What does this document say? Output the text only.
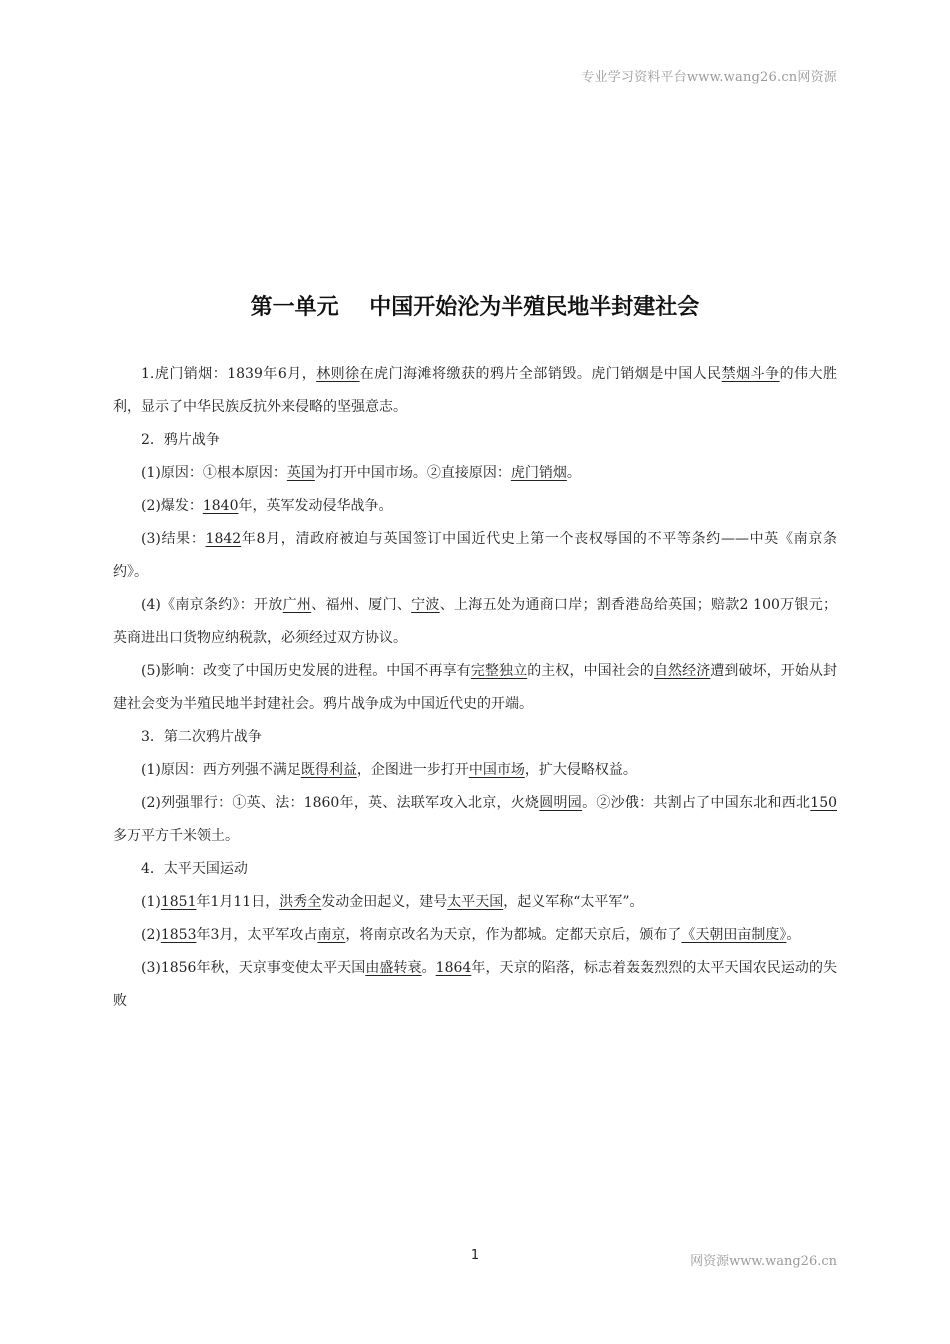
专业学习资料平台www.wang26.cn网资源
第一单元    中国开始沦为半殖民地半封建社会

1.虎门销烟：1839年6月，林则徐在虎门海滩将缴获的鸦片全部销毁。虎门销烟是中国人民禁烟斗争的伟大胜利，显示了中华民族反抗外来侵略的坚强意志。

2．鸦片战争

(1)原因：①根本原因：英国为打开中国市场。②直接原因：虎门销烟。

(2)爆发：1840年，英军发动侵华战争。

(3)结果：1842年8月，清政府被迫与英国签订中国近代史上第一个丧权辱国的不平等条约——中英《南京条约》。

(4)《南京条约》：开放广州、福州、厦门、宁波、上海五处为通商口岸；割香港岛给英国；赔款2 100万银元；英商进出口货物应纳税款，必须经过双方协议。

(5)影响：改变了中国历史发展的进程。中国不再享有完整独立的主权，中国社会的自然经济遭到破坏，开始从封建社会变为半殖民地半封建社会。鸦片战争成为中国近代史的开端。

3．第二次鸦片战争

(1)原因：西方列强不满足既得利益，企图进一步打开中国市场，扩大侵略权益。

(2)列强罪行：①英、法：1860年，英、法联军攻入北京，火烧圆明园。②沙俄：共割占了中国东北和西北150多万平方千米领土。

4．太平天国运动

(1)1851年1月11日，洪秀全发动金田起义，建号太平天国，起义军称“太平军”。

(2)1853年3月，太平军攻占南京，将南京改名为天京，作为都城。定都天京后，颁布了《天朝田亩制度》。

(3)1856年秋，天京事变使太平天国由盛转衰。1864年，天京的陷落，标志着轰轰烈烈的太平天国农民运动的失败

1	网资源www.wang26.cn
